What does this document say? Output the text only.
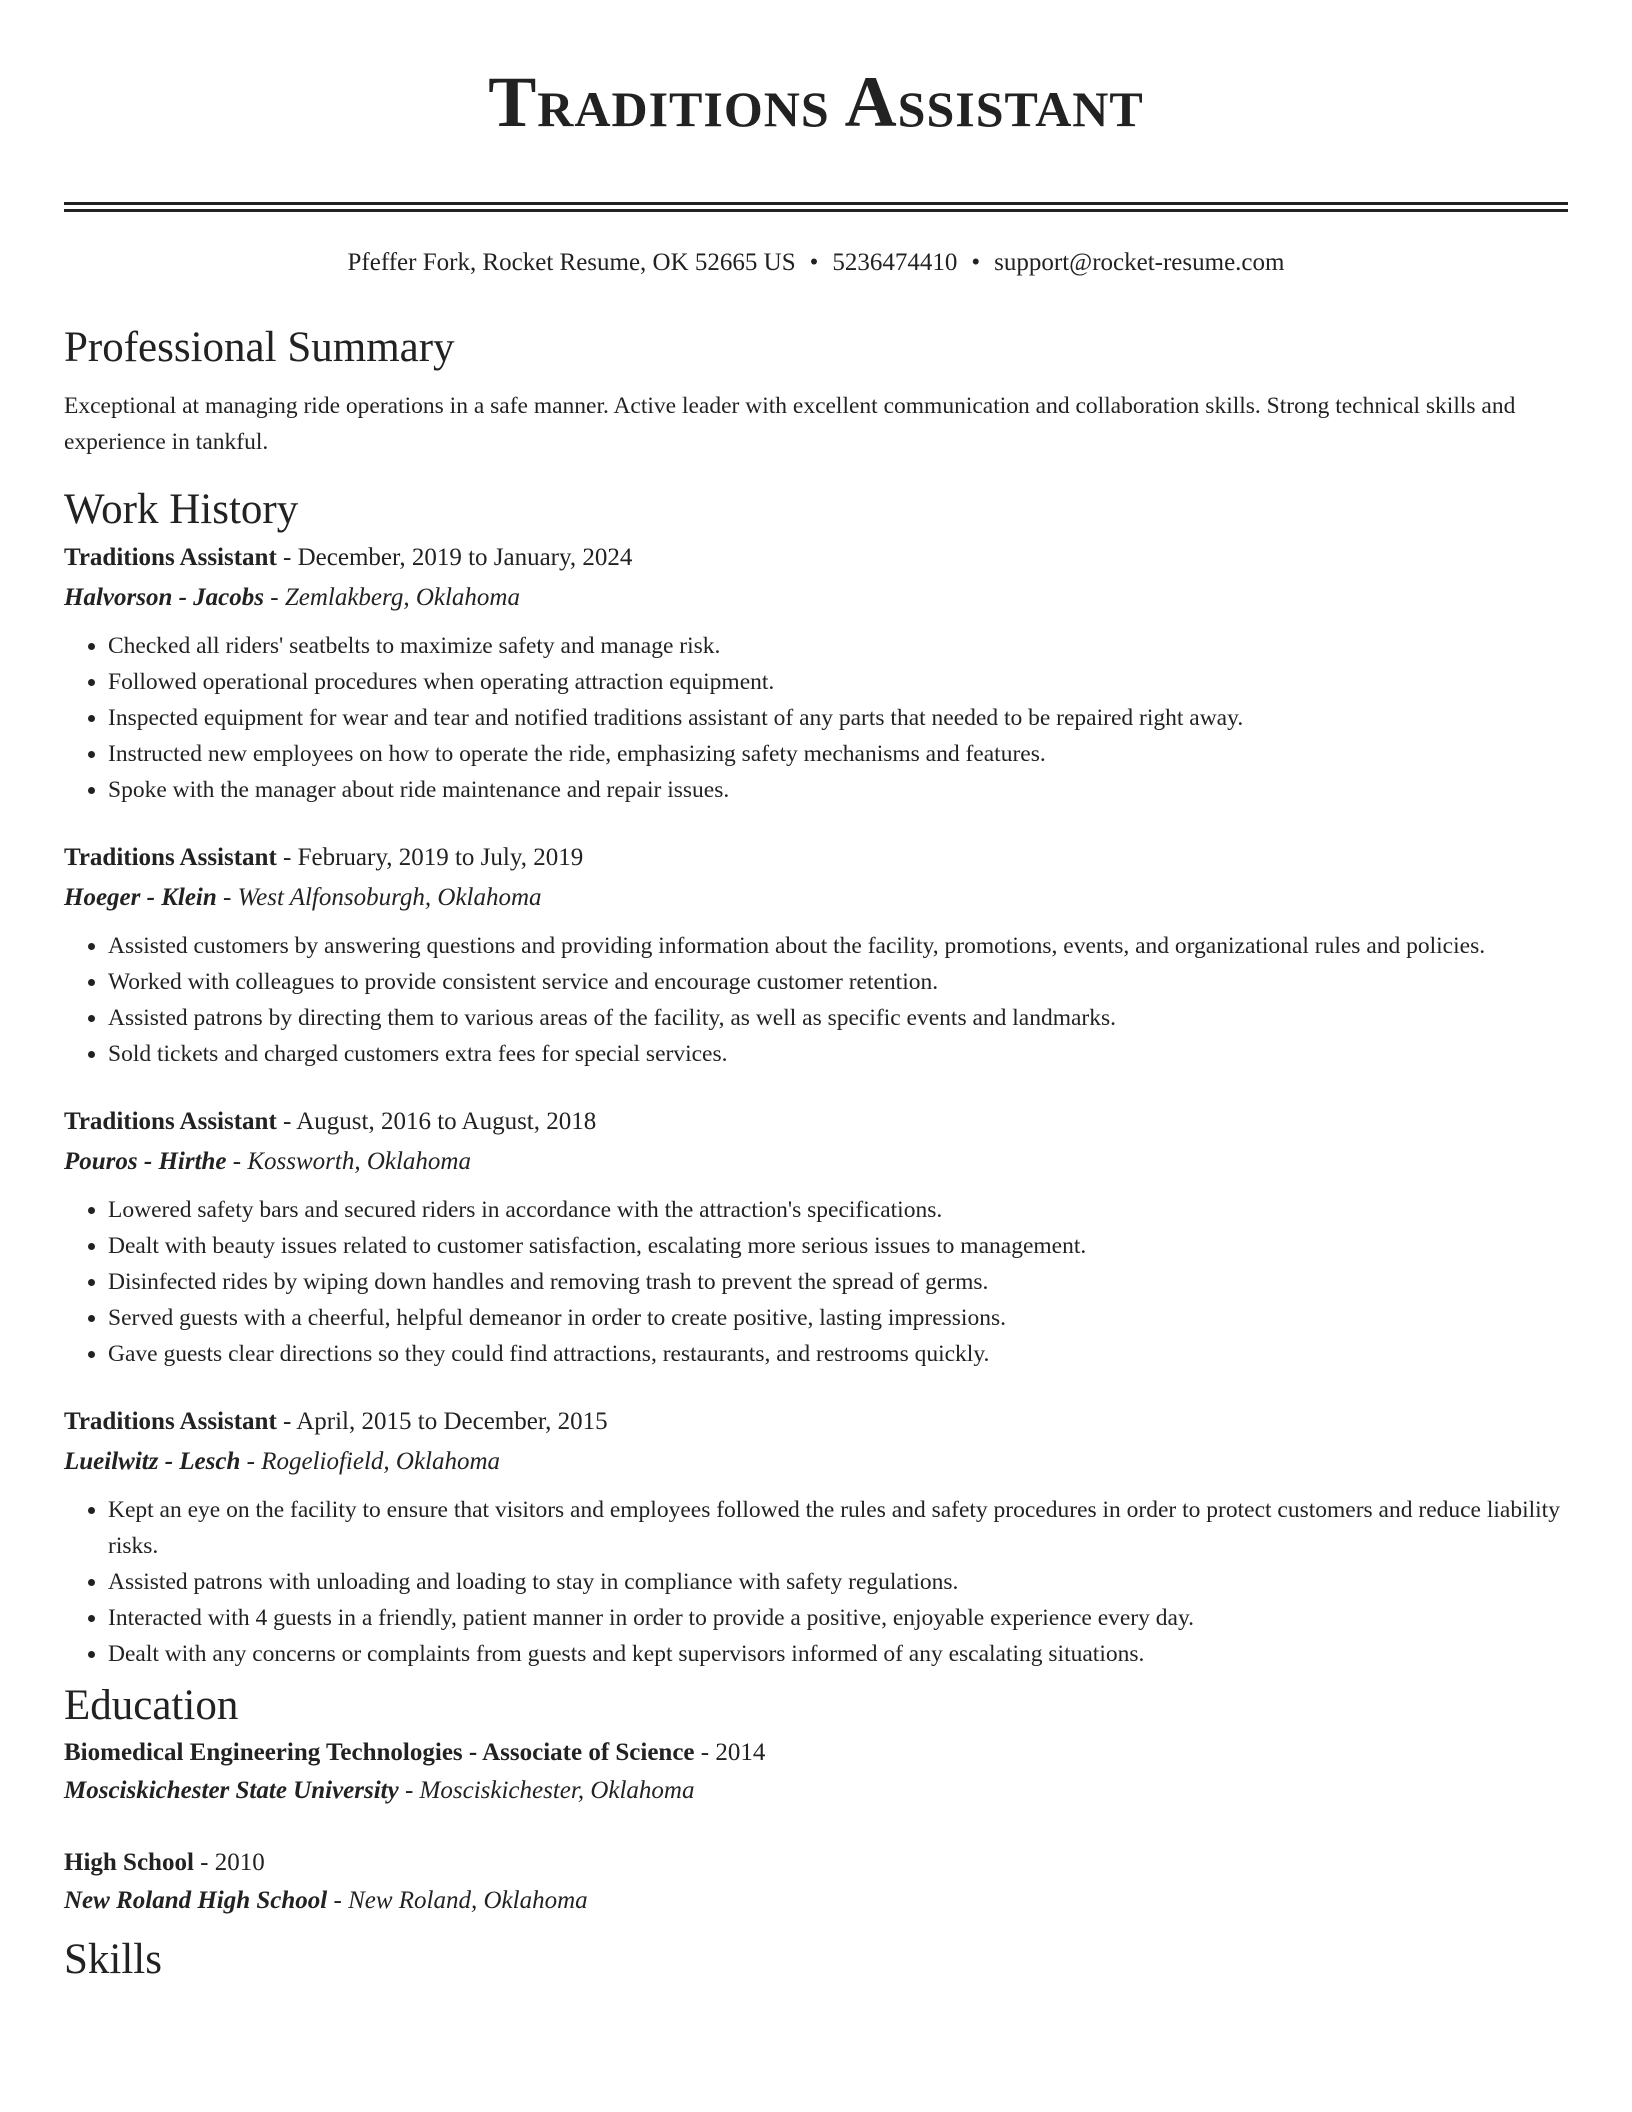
Traditions Assistant
Pfeffer Fork, Rocket Resume, OK 52665 US • 5236474410 • support@rocket-resume.com
Professional Summary
Exceptional at managing ride operations in a safe manner. Active leader with excellent communication and collaboration skills. Strong technical skills and experience in tankful.
Work History
Traditions Assistant - December, 2019 to January, 2024
Halvorson - Jacobs - Zemlakberg, Oklahoma
• Checked all riders' seatbelts to maximize safety and manage risk.
• Followed operational procedures when operating attraction equipment.
• Inspected equipment for wear and tear and notified traditions assistant of any parts that needed to be repaired right away.
• Instructed new employees on how to operate the ride, emphasizing safety mechanisms and features.
• Spoke with the manager about ride maintenance and repair issues.
Traditions Assistant - February, 2019 to July, 2019
Hoeger - Klein - West Alfonsoburgh, Oklahoma
• Assisted customers by answering questions and providing information about the facility, promotions, events, and organizational rules and policies.
• Worked with colleagues to provide consistent service and encourage customer retention.
• Assisted patrons by directing them to various areas of the facility, as well as specific events and landmarks.
• Sold tickets and charged customers extra fees for special services.
Traditions Assistant - August, 2016 to August, 2018
Pouros - Hirthe - Kossworth, Oklahoma
• Lowered safety bars and secured riders in accordance with the attraction's specifications.
• Dealt with beauty issues related to customer satisfaction, escalating more serious issues to management.
• Disinfected rides by wiping down handles and removing trash to prevent the spread of germs.
• Served guests with a cheerful, helpful demeanor in order to create positive, lasting impressions.
• Gave guests clear directions so they could find attractions, restaurants, and restrooms quickly.
Traditions Assistant - April, 2015 to December, 2015
Lueilwitz - Lesch - Rogeliofield, Oklahoma
• Kept an eye on the facility to ensure that visitors and employees followed the rules and safety procedures in order to protect customers and reduce liability risks.
• Assisted patrons with unloading and loading to stay in compliance with safety regulations.
• Interacted with 4 guests in a friendly, patient manner in order to provide a positive, enjoyable experience every day.
• Dealt with any concerns or complaints from guests and kept supervisors informed of any escalating situations.
Education
Biomedical Engineering Technologies - Associate of Science - 2014
Mosciskichester State University - Mosciskichester, Oklahoma
High School - 2010
New Roland High School - New Roland, Oklahoma
Skills
